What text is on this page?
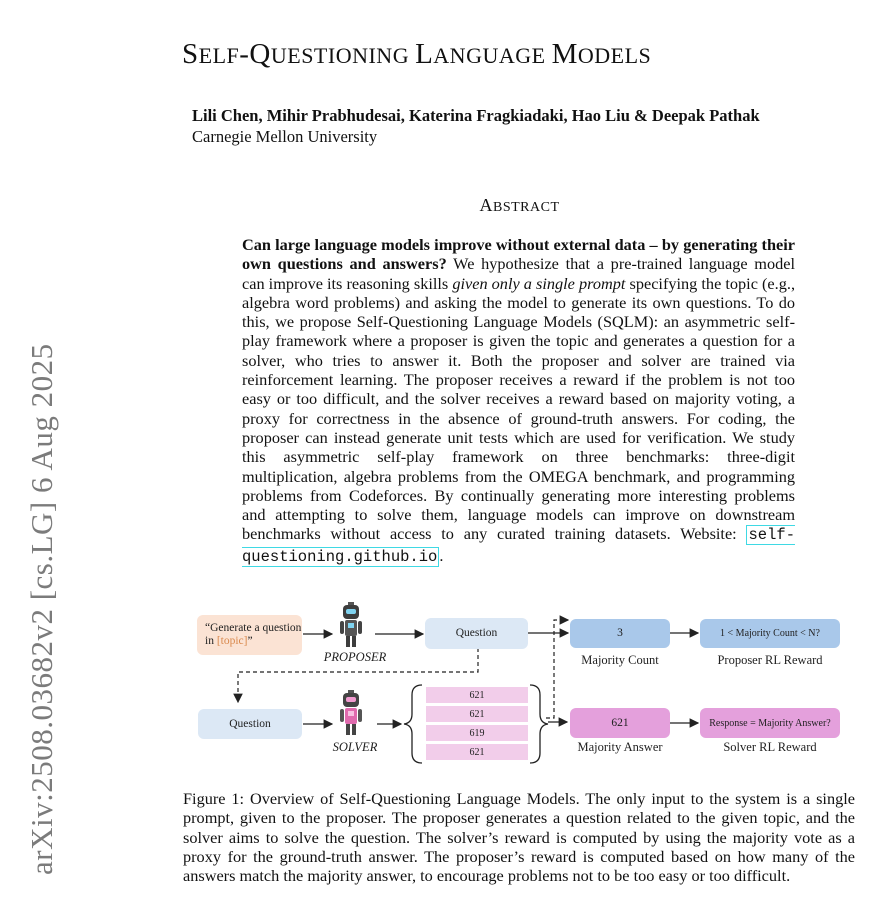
SELF-QUESTIONING LANGUAGE MODELS
Lili Chen, Mihir Prabhudesai, Katerina Fragkiadaki, Hao Liu & Deepak Pathak
Carnegie Mellon University
ABSTRACT
Can large language models improve without external data – by generating their own questions and answers? We hypothesize that a pre-trained language model can improve its reasoning skills given only a single prompt specifying the topic (e.g., algebra word problems) and asking the model to generate its own questions. To do this, we propose Self-Questioning Language Models (SQLM): an asymmetric self-play framework where a proposer is given the topic and generates a question for a solver, who tries to answer it. Both the proposer and solver are trained via reinforcement learning. The proposer receives a reward if the problem is not too easy or too difficult, and the solver receives a reward based on majority voting, a proxy for correctness in the absence of ground-truth answers. For coding, the proposer can instead generate unit tests which are used for verification. We study this asymmetric self-play framework on three benchmarks: three-digit multiplication, algebra problems from the OMEGA benchmark, and programming problems from Codeforces. By continually generating more interesting problems and attempting to solve them, language models can improve on downstream benchmarks without access to any curated training datasets. Website: self-questioning.github.io .
arXiv:2508.03682v2 [cs.LG] 6 Aug 2025	“Generate a question in [topic]”
PROPOSER
Question	3
Majority Count
1 < Majority Count < N?
Proposer RL Reward
Question
SOLVER
621
621
619
621
621
Majority Answer
Response = Majority Answer?
Solver RL Reward
Figure 1: Overview of Self-Questioning Language Models. The only input to the system is a single prompt, given to the proposer. The proposer generates a question related to the given topic, and the solver aims to solve the question. The solver’s reward is computed by using the majority vote as a proxy for the ground-truth answer. The proposer’s reward is computed based on how many of the answers match the majority answer, to encourage problems not to be too easy or too difficult.
